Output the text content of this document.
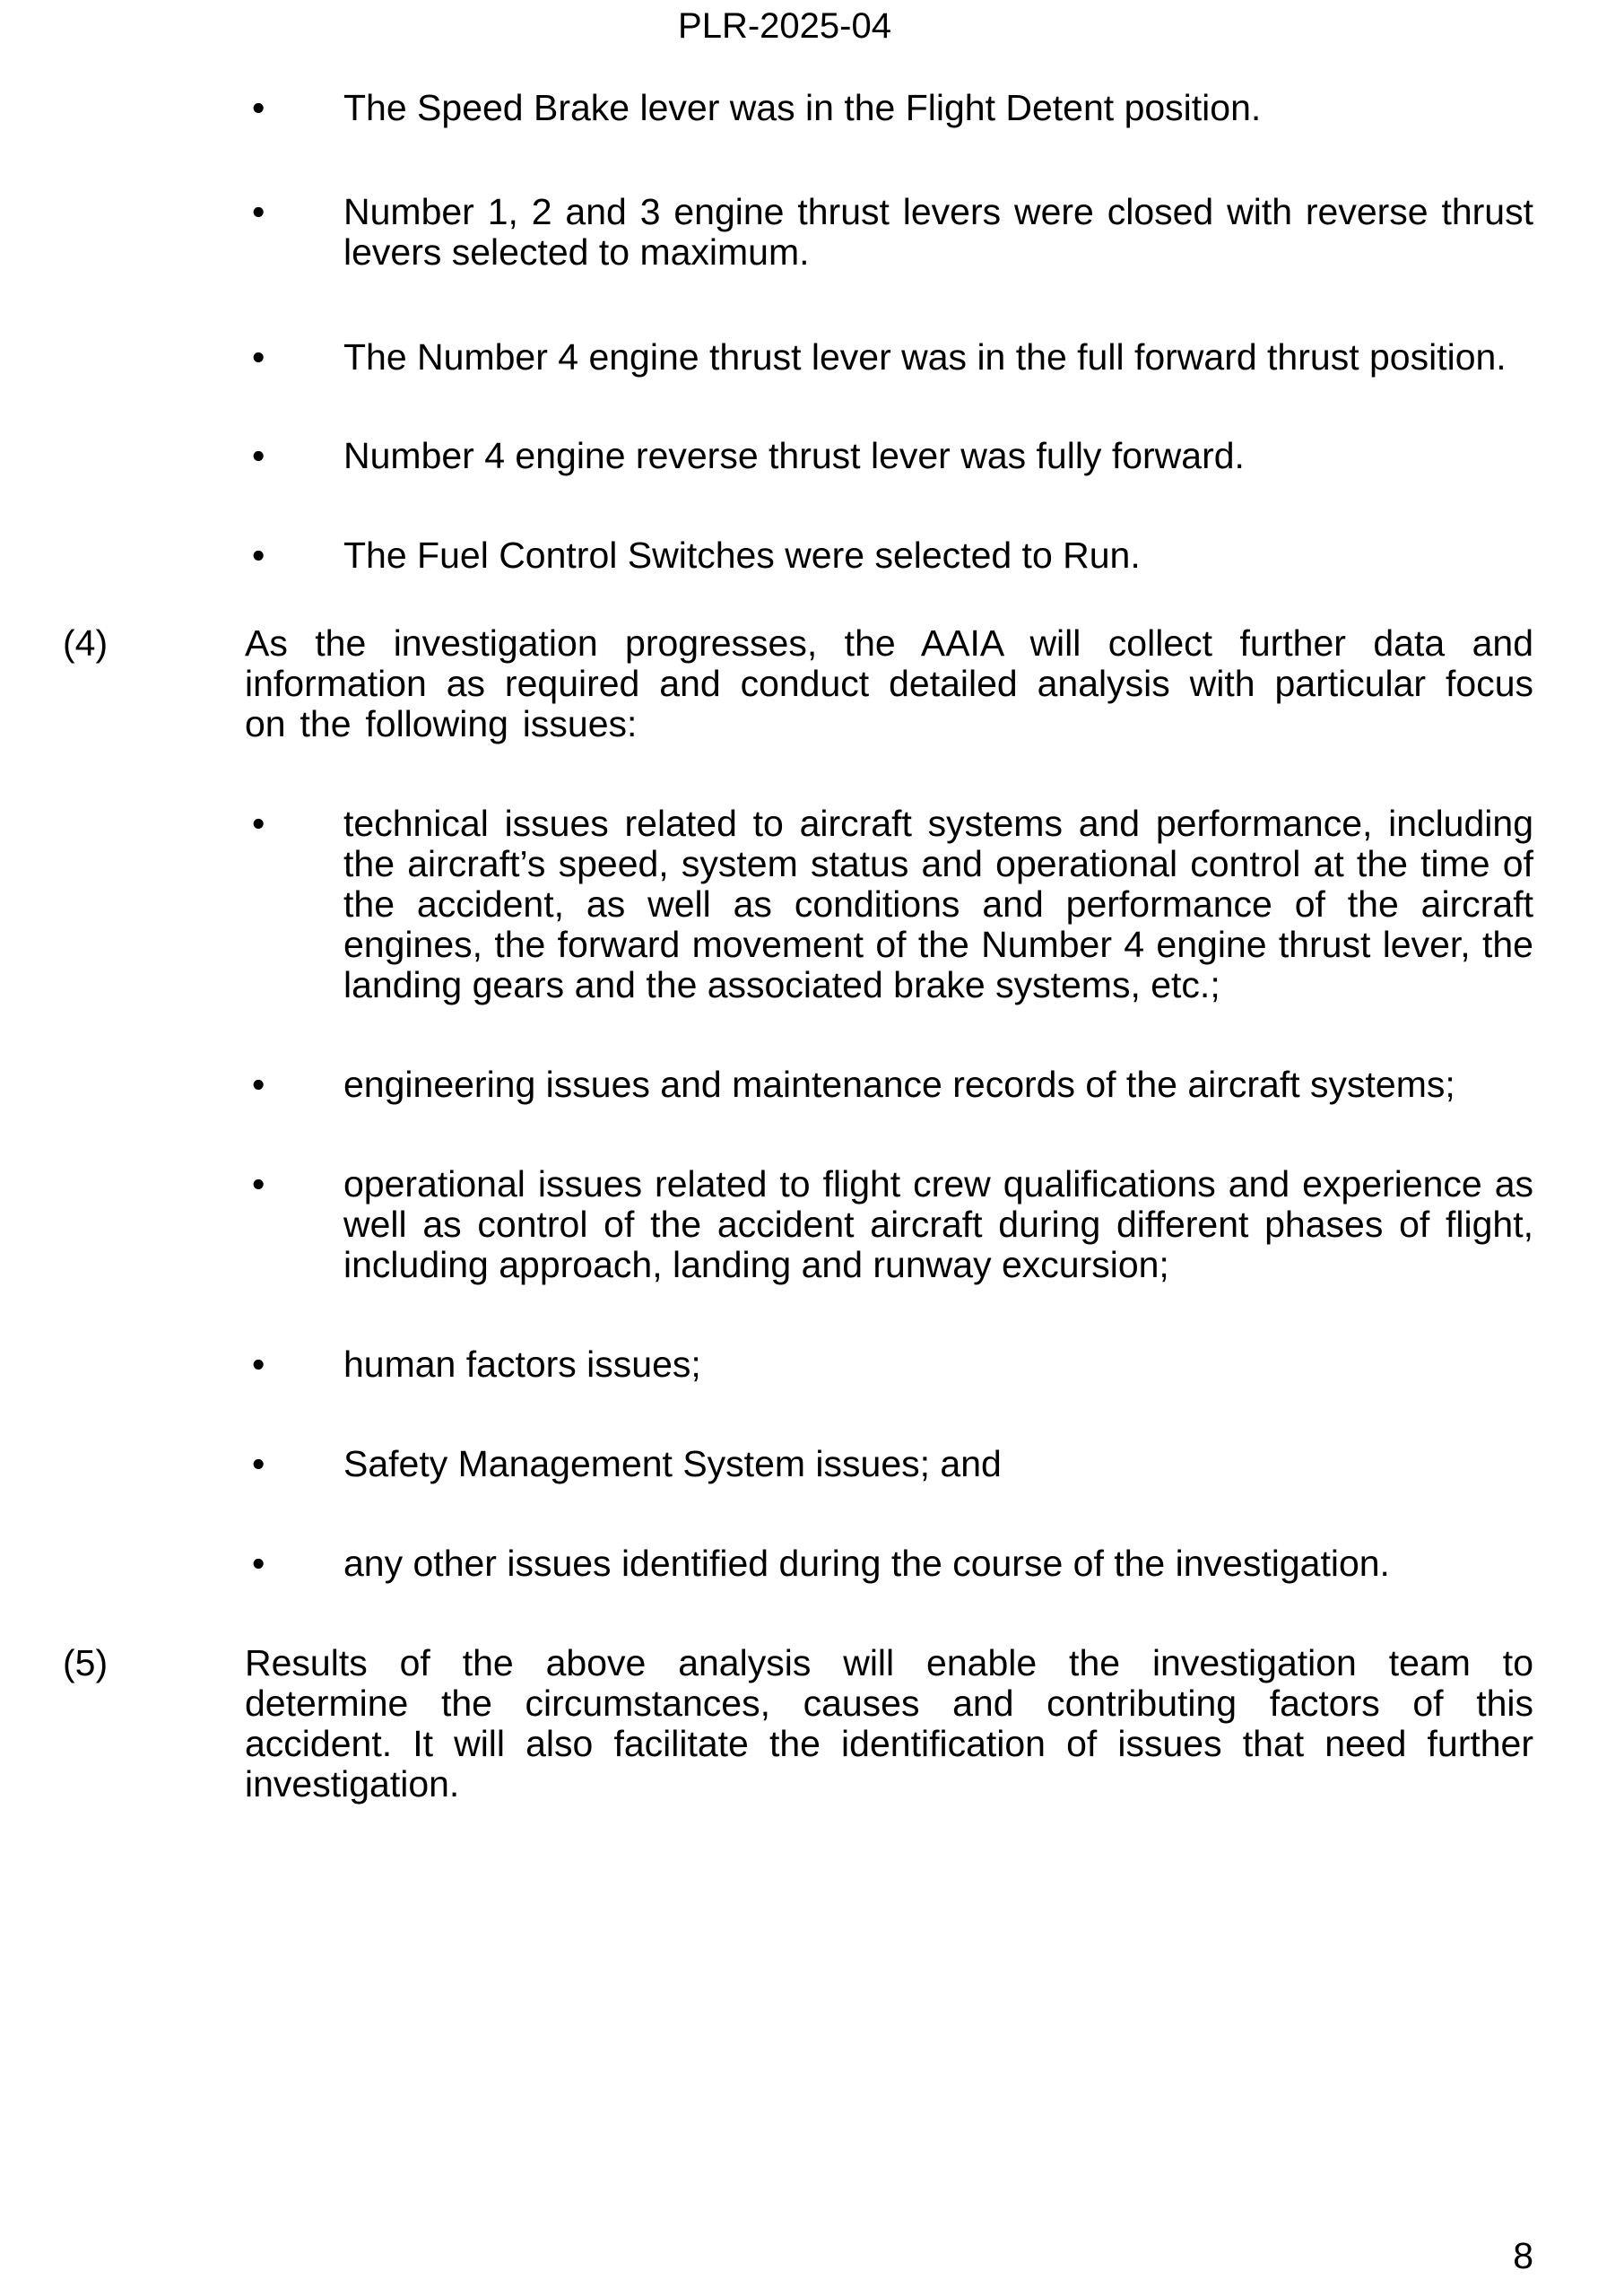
PLR-2025-04
•	The Speed Brake lever was in the Flight Detent position.
•	Number 1, 2 and 3 engine thrust levers were closed with reverse thrust levers selected to maximum.
•	The Number 4 engine thrust lever was in the full forward thrust position.
•	Number 4 engine reverse thrust lever was fully forward.
•	The Fuel Control Switches were selected to Run.
(4)	As the investigation progresses, the AAIA will collect further data and information as required and conduct detailed analysis with particular focus on the following issues:
•	technical issues related to aircraft systems and performance, including the aircraft’s speed, system status and operational control at the time of the accident, as well as conditions and performance of the aircraft engines, the forward movement of the Number 4 engine thrust lever, the landing gears and the associated brake systems, etc.;
•	engineering issues and maintenance records of the aircraft systems;
•	operational issues related to flight crew qualifications and experience as well as control of the accident aircraft during different phases of flight, including approach, landing and runway excursion;
•	human factors issues;
•	Safety Management System issues; and
•	any other issues identified during the course of the investigation.
(5)	Results of the above analysis will enable the investigation team to determine the circumstances, causes and contributing factors of this accident. It will also facilitate the identification of issues that need further investigation.
8
